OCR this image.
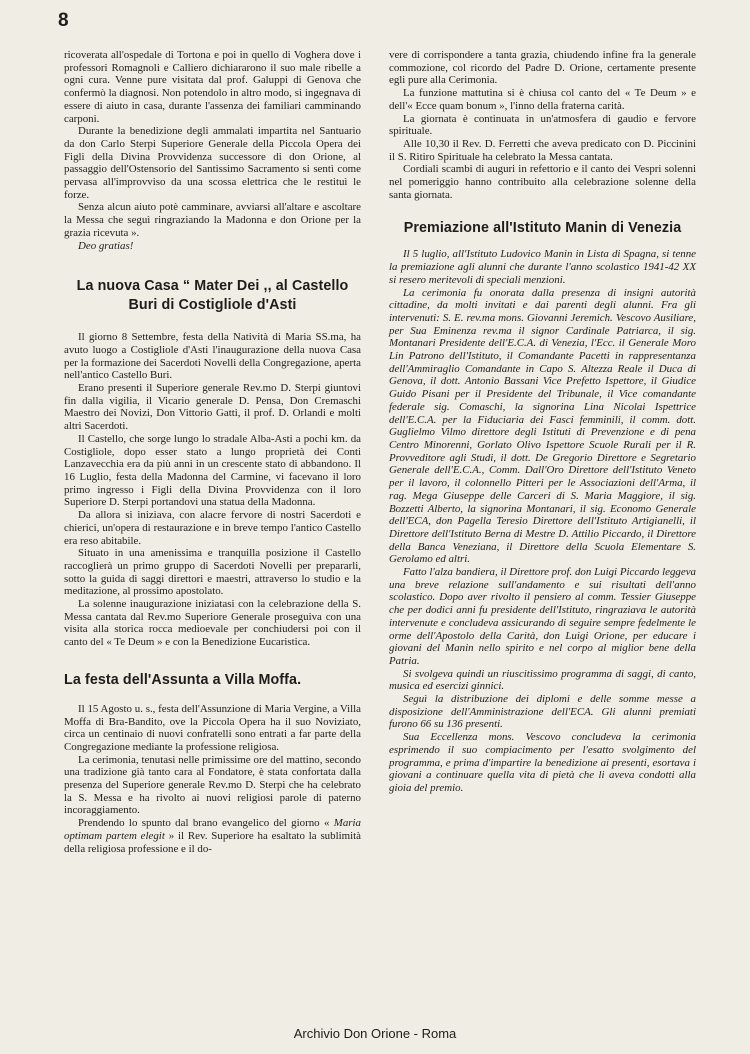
8

ricoverata all'ospedale di Tortona e poi in quello di Voghera dove i professori Romagnoli e Calliero dichiararono il suo male ribelle a ogni cura. Venne pure visitata dal prof. Galuppi di Genova che confermò la diagnosi. Non potendolo in altro modo, si ingegnava di essere di aiuto in casa, durante l'assenza dei familiari camminando carponi.

Durante la benedizione degli ammalati impartita nel Santuario da don Carlo Sterpi Superiore Generale della Piccola Opera dei Figli della Divina Provvidenza successore di don Orione, al passaggio dell'Ostensorio del Santissimo Sacramento si sentì come pervasa all'improvviso da una scossa elettrica che le restituì le forze.

Senza alcun aiuto potè camminare, avviarsi all'altare e ascoltare la Messa che seguì ringraziando la Madonna e don Orione per la grazia ricevuta ».

Deo gratias!

La nuova Casa “ Mater Dei ,, al Castello
Buri di Costigliole d'Asti

Il giorno 8 Settembre, festa della Natività di Maria SS.ma, ha avuto luogo a Costigliole d'Asti l'inaugurazione della nuova Casa per la formazione dei Sacerdoti Novelli della Congregazione, aperta nell'antico Castello Buri.

Erano presenti il Superiore generale Rev.mo D. Sterpi giuntovi fin dalla vigilia, il Vicario generale D. Pensa, Don Cremaschi Maestro dei Novizi, Don Vittorio Gatti, il prof. D. Orlandi e molti altri Sacerdoti.

Il Castello, che sorge lungo lo stradale Alba-Asti a pochi km. da Costigliole, dopo esser stato a lungo proprietà dei Conti Lanzavecchia era da più anni in un crescente stato di abbandono. Il 16 Luglio, festa della Madonna del Carmine, vi facevano il loro primo ingresso i Figli della Divina Provvidenza con il loro Superiore D. Sterpi portandovi una statua della Madonna.

Da allora si iniziava, con alacre fervore di nostri Sacerdoti e chierici, un'opera di restaurazione e in breve tempo l'antico Castello era reso abitabile.

Situato in una amenissima e tranquilla posizione il Castello raccoglierà un primo gruppo di Sacerdoti Novelli per prepararli, sotto la guida di saggi direttori e maestri, attraverso lo studio e la meditazione, al prossimo apostolato.

La solenne inaugurazione iniziatasi con la celebrazione della S. Messa cantata dal Rev.mo Superiore Generale proseguiva con una visita alla storica rocca medioevale per conchiudersi poi con il canto del « Te Deum » e con la Benedizione Eucaristica.

La festa dell'Assunta a Villa Moffa.

Il 15 Agosto u. s., festa dell'Assunzione di Maria Vergine, a Villa Moffa di Bra-Bandito, ove la Piccola Opera ha il suo Noviziato, circa un centinaio di nuovi confratelli sono entrati a far parte della Congregazione mediante la professione religiosa.

La cerimonia, tenutasi nelle primissime ore del mattino, secondo una tradizione già tanto cara al Fondatore, è stata confortata dalla presenza del Superiore generale Rev.mo D. Sterpi che ha celebrato la S. Messa e ha rivolto ai nuovi religiosi parole di paterno incoraggiamento.

Prendendo lo spunto dal brano evangelico del giorno « Maria optimam partem elegit » il Rev. Superiore ha esaltato la sublimità della religiosa professione e il do-

vere di corrispondere a tanta grazia, chiudendo infine fra la generale commozione, col ricordo del Padre D. Orione, certamente presente egli pure alla Cerimonia.

La funzione mattutina si è chiusa col canto del « Te Deum » e dell'« Ecce quam bonum », l'inno della fraterna carità.

La giornata è continuata in un'atmosfera di gaudio e fervore spirituale.

Alle 10,30 il Rev. D. Ferretti che aveva predicato con D. Piccinini il S. Ritiro Spirituale ha celebrato la Messa cantata.

Cordiali scambi di auguri in refettorio e il canto dei Vespri solenni nel pomeriggio hanno contribuito alla celebrazione solenne della santa giornata.

Premiazione all'Istituto Manin di Venezia

Il 5 luglio, all'Istituto Ludovico Manin in Lista di Spagna, si tenne la premiazione agli alunni che durante l'anno scolastico 1941-42 XX si resero meritevoli di speciali menzioni.

La cerimonia fu onorata dalla presenza di insigni autorità cittadine, da molti invitati e dai parenti degli alunni. Fra gli intervenuti: S. E. rev.ma mons. Giovanni Jeremich. Vescovo Ausiliare, per Sua Eminenza rev.ma il signor Cardinale Patriarca, il sig. Montanari Presidente dell'E.C.A. di Venezia, l'Ecc. il Generale Moro Lin Patrono dell'Istituto, il Comandante Pacetti in rappresentanza dell'Ammiraglio Comandante in Capo S. Altezza Reale il Duca di Genova, il dott. Antonio Bassani Vice Prefetto Ispettore, il Giudice Guido Pisani per il Presidente del Tribunale, il Vice comandante federale sig. Comaschi, la signorina Lina Nicolai Ispettrice dell'E.C.A. per la Fiduciaria dei Fasci femminili, il comm. dott. Guglielmo Vilmo direttore degli Istituti di Prevenzione e di pena Centro Minorenni, Gorlato Olivo Ispettore Scuole Rurali per il R. Provveditore agli Studi, il dott. De Gregorio Direttore e Segretario Generale dell'E.C.A., Comm. Dall'Oro Direttore dell'Istituto Veneto per il lavoro, il colonnello Pitteri per le Associazioni dell'Arma, il rag. Mega Giuseppe delle Carceri di S. Maria Maggiore, il sig. Bozzetti Alberto, la signorina Montanari, il sig. Economo Generale dell'ECA, don Pagella Teresio Direttore dell'Istituto Artigianelli, il Direttore dell'Istituto Berna di Mestre D. Attilio Piccardo, il Direttore della Banca Veneziana, il Direttore della Scuola Elementare S. Gerolamo ed altri.

Fatto l'alza bandiera, il Direttore prof. don Luigi Piccardo leggeva una breve relazione sull'andamento e sui risultati dell'anno scolastico. Dopo aver rivolto il pensiero al comm. Tessier Giuseppe che per dodici anni fu presidente dell'Istituto, ringraziava le autorità intervenute e concludeva assicurando di seguire sempre fedelmente le orme dell'Apostolo della Carità, don Luigi Orione, per educare i giovani del Manin nello spirito e nel corpo al miglior bene della Patria.

Si svolgeva quindi un riuscitissimo programma di saggi, di canto, musica ed esercizi ginnici.

Seguì la distribuzione dei diplomi e delle somme messe a disposizione dell'Amministrazione dell'ECA. Gli alunni premiati furono 66 su 136 presenti.

Sua Eccellenza mons. Vescovo concludeva la cerimonia esprimendo il suo compiacimento per l'esatto svolgimento del programma, e prima d'impartire la benedizione ai presenti, esortava i giovani a continuare quella vita di pietà che li aveva condotti alla gioia del premio.

Archivio Don Orione - Roma
